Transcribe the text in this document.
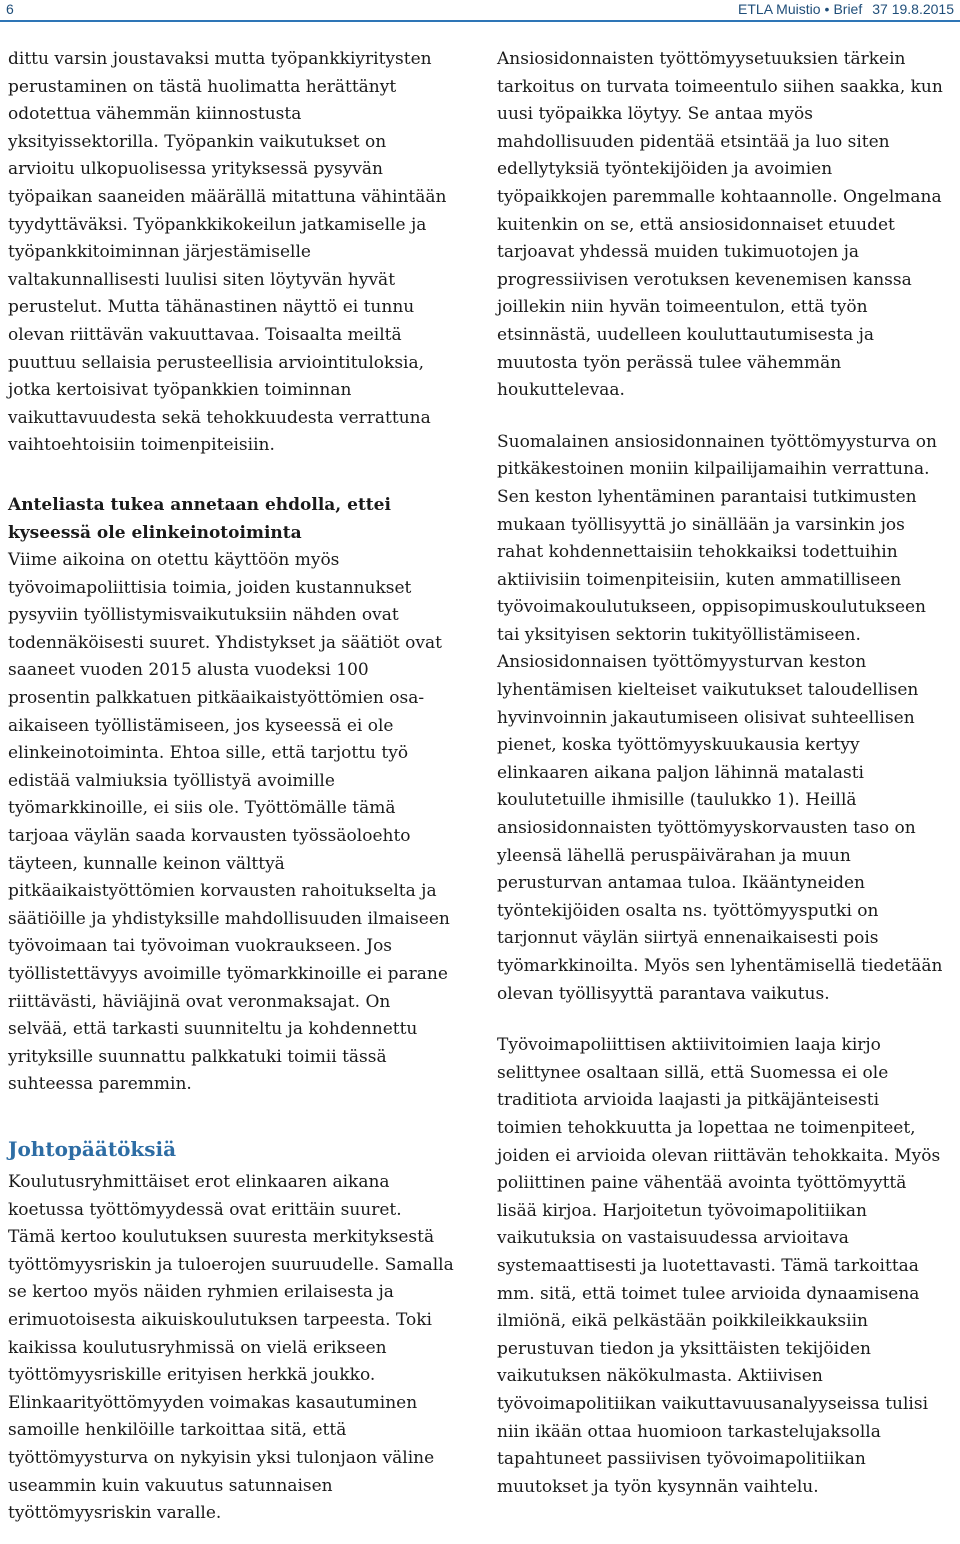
6	ETLA Muistio • Brief 37 19.8.2015

dittu varsin joustavaksi mutta työpankkiyritysten perustaminen on tästä huolimatta herättänyt odotettua vähemmän kiinnostusta yksityissektorilla. Työpankin vaikutukset on arvioitu ulkopuolisessa yrityksessä pysyvän työpaikan saaneiden määrällä mitattuna vähintään tyydyttäväksi. Työpankkikokeilun jatkamiselle ja työpankkitoiminnan järjestämiselle valtakunnallisesti luulisi siten löytyvän hyvät perustelut. Mutta tähänastinen näyttö ei tunnu olevan riittävän vakuuttavaa. Toisaalta meiltä puuttuu sellaisia perusteellisia arviointituloksia, jotka kertoisivat työpankkien toiminnan vaikuttavuudesta sekä tehokkuudesta verrattuna vaihtoehtoisiin toimenpiteisiin.

Anteliasta tukea annetaan ehdolla, ettei kyseessä ole elinkeinotoiminta

Viime aikoina on otettu käyttöön myös työvoimapoliittisia toimia, joiden kustannukset pysyviin työllistymisvaikutuksiin nähden ovat todennäköisesti suuret. Yhdistykset ja säätiöt ovat saaneet vuoden 2015 alusta vuodeksi 100 prosentin palkkatuen pitkäaikaistyöttömien osa-aikaiseen työllistämiseen, jos kyseessä ei ole elinkeinotoiminta. Ehtoa sille, että tarjottu työ edistää valmiuksia työllistyä avoimille työmarkkinoille, ei siis ole. Työttömälle tämä tarjoaa väylän saada korvausten työssäoloehto täyteen, kunnalle keinon välttyä pitkäaikaistyöttömien korvausten rahoitukselta ja säätiöille ja yhdistyksille mahdollisuuden ilmaiseen työvoimaan tai työvoiman vuokraukseen. Jos työllistettävyys avoimille työmarkkinoille ei parane riittävästi, häviäjinä ovat veronmaksajat. On selvää, että tarkasti suunniteltu ja kohdennettu yrityksille suunnattu palkkatuki toimii tässä suhteessa paremmin.

Johtopäätöksiä

Koulutusryhmittäiset erot elinkaaren aikana koetussa työttömyydessä ovat erittäin suuret. Tämä kertoo koulutuksen suuresta merkityksestä työttömyysriskin ja tuloerojen suuruudelle. Samalla se kertoo myös näiden ryhmien erilaisesta ja erimuotoisesta aikuiskoulutuksen tarpeesta. Toki kaikissa koulutusryhmissä on vielä erikseen työttömyysriskille erityisen herkkä joukko. Elinkaarityöttömyyden voimakas kasautuminen samoille henkilöille tarkoittaa sitä, että työttömyysturva on nykyisin yksi tulonjaon väline useammin kuin vakuutus satunnaisen työttömyysriskin varalle.

Ansiosidonnaisten työttömyysetuuksien tärkein tarkoitus on turvata toimeentulo siihen saakka, kun uusi työpaikka löytyy. Se antaa myös mahdollisuuden pidentää etsintää ja luo siten edellytyksiä työntekijöiden ja avoimien työpaikkojen paremmalle kohtaannolle. Ongelmana kuitenkin on se, että ansiosidonnaiset etuudet tarjoavat yhdessä muiden tukimuotojen ja progressiivisen verotuksen kevenemisen kanssa joillekin niin hyvän toimeentulon, että työn etsinnästä, uudelleen kouluttautumisesta ja muutosta työn perässä tulee vähemmän houkuttelevaa.

Suomalainen ansiosidonnainen työttömyysturva on pitkäkestoinen moniin kilpailijamaihin verrattuna. Sen keston lyhentäminen parantaisi tutkimusten mukaan työllisyyttä jo sinällään ja varsinkin jos rahat kohdennettaisiin tehokkaiksi todettuihin aktiivisiin toimenpiteisiin, kuten ammatilliseen työvoimakoulutukseen, oppisopimuskoulutukseen tai yksityisen sektorin tukityöllistämiseen. Ansiosidonnaisen työttömyysturvan keston lyhentämisen kielteiset vaikutukset taloudellisen hyvinvoinnin jakautumiseen olisivat suhteellisen pienet, koska työttömyyskuukausia kertyy elinkaaren aikana paljon lähinnä matalasti koulutetuille ihmisille (taulukko 1). Heillä ansiosidonnaisten työttömyyskorvausten taso on yleensä lähellä peruspäivärahan ja muun perusturvan antamaa tuloa. Ikääntyneiden työntekijöiden osalta ns. työttömyysputki on tarjonnut väylän siirtyä ennenaikaisesti pois työmarkkinoilta. Myös sen lyhentämisellä tiedetään olevan työllisyyttä parantava vaikutus.

Työvoimapoliittisen aktiivitoimien laaja kirjo selittynee osaltaan sillä, että Suomessa ei ole traditiota arvioida laajasti ja pitkäjänteisesti toimien tehokkuutta ja lopettaa ne toimenpiteet, joiden ei arvioida olevan riittävän tehokkaita. Myös poliittinen paine vähentää avointa työttömyyttä lisää kirjoa. Harjoitetun työvoimapolitiikan vaikutuksia on vastaisuudessa arvioitava systemaattisesti ja luotettavasti. Tämä tarkoittaa mm. sitä, että toimet tulee arvioida dynaamisena ilmiönä, eikä pelkästään poikkileikkauksiin perustuvan tiedon ja yksittäisten tekijöiden vaikutuksen näkökulmasta. Aktiivisen työvoimapolitiikan vaikuttavuusanalyyseissa tulisi niin ikään ottaa huomioon tarkastelujaksolla tapahtuneet passiivisen työvoimapolitiikan muutokset ja työn kysynnän vaihtelu.
